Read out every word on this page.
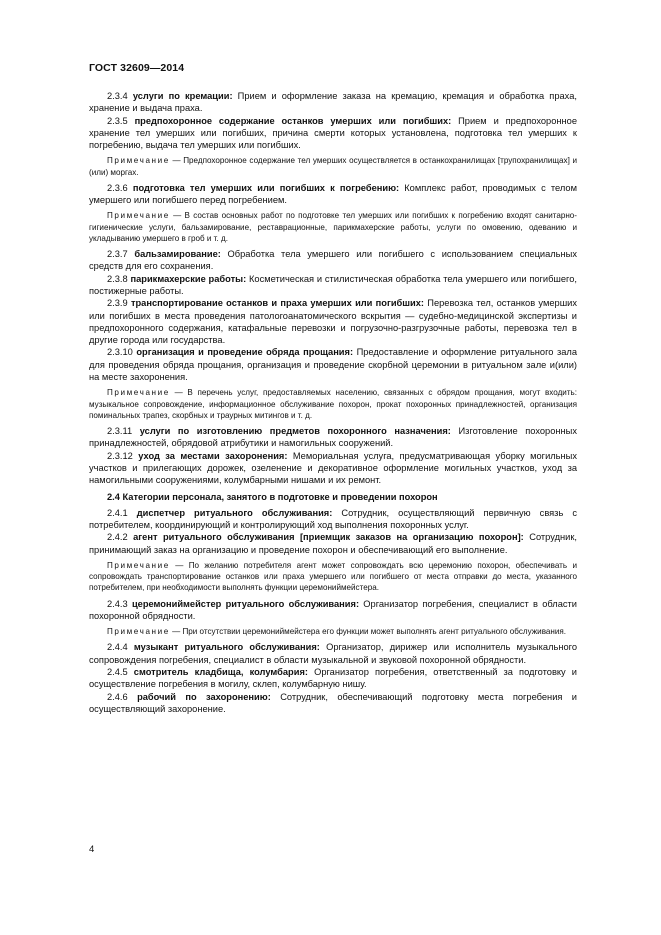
ГОСТ 32609—2014

2.3.4 услуги по кремации: Прием и оформление заказа на кремацию, кремация и обработка праха, хранение и выдача праха.

2.3.5 предпохоронное содержание останков умерших или погибших: Прием и предпохоронное хранение тел умерших или погибших, причина смерти которых установлена, подготовка тел умерших к погребению, выдача тел умерших или погибших.

Примечание — Предпохоронное содержание тел умерших осуществляется в останкохранилищах [трупохранилищах] и (или) моргах.

2.3.6 подготовка тел умерших или погибших к погребению: Комплекс работ, проводимых с телом умершего или погибшего перед погребением.

Примечание — В состав основных работ по подготовке тел умерших или погибших к погребению входят санитарно-гигиенические услуги, бальзамирование, реставрационные, парикмахерские работы, услуги по омовению, одеванию и укладыванию умершего в гроб и т. д.

2.3.7 бальзамирование: Обработка тела умершего или погибшего с использованием специальных средств для его сохранения.

2.3.8 парикмахерские работы: Косметическая и стилистическая обработка тела умершего или погибшего, постижерные работы.

2.3.9 транспортирование останков и праха умерших или погибших: Перевозка тел, останков умерших или погибших в места проведения патологоанатомического вскрытия — судебно-медицинской экспертизы и предпохоронного содержания, катафальные перевозки и погрузочно-разгрузочные работы, перевозка тел в другие города или государства.

2.3.10 организация и проведение обряда прощания: Предоставление и оформление ритуального зала для проведения обряда прощания, организация и проведение скорбной церемонии в ритуальном зале и(или) на месте захоронения.

Примечание — В перечень услуг, предоставляемых населению, связанных с обрядом прощания, могут входить: музыкальное сопровождение, информационное обслуживание похорон, прокат похоронных принадлежностей, организация поминальных трапез, скорбных и траурных митингов и т. д.

2.3.11 услуги по изготовлению предметов похоронного назначения: Изготовление похоронных принадлежностей, обрядовой атрибутики и намогильных сооружений.

2.3.12 уход за местами захоронения: Мемориальная услуга, предусматривающая уборку могильных участков и прилегающих дорожек, озеленение и декоративное оформление могильных участков, уход за намогильными сооружениями, колумбарными нишами и их ремонт.

2.4 Категории персонала, занятого в подготовке и проведении похорон

2.4.1 диспетчер ритуального обслуживания: Сотрудник, осуществляющий первичную связь с потребителем, координирующий и контролирующий ход выполнения похоронных услуг.

2.4.2 агент ритуального обслуживания [приемщик заказов на организацию похорон]: Сотрудник, принимающий заказ на организацию и проведение похорон и обеспечивающий его выполнение.

Примечание — По желанию потребителя агент может сопровождать всю церемонию похорон, обеспечивать и сопровождать транспортирование останков или праха умершего или погибшего от места отправки до места, указанного потребителем, при необходимости выполнять функции церемониймейстера.

2.4.3 церемониймейстер ритуального обслуживания: Организатор погребения, специалист в области похоронной обрядности.

Примечание — При отсутствии церемониймейстера его функции может выполнять агент ритуального обслуживания.

2.4.4 музыкант ритуального обслуживания: Организатор, дирижер или исполнитель музыкального сопровождения погребения, специалист в области музыкальной и звуковой похоронной обрядности.

2.4.5 смотритель кладбища, колумбария: Организатор погребения, ответственный за подготовку и осуществление погребения в могилу, склеп, колумбарную нишу.

2.4.6 рабочий по захоронению: Сотрудник, обеспечивающий подготовку места погребения и осуществляющий захоронение.

4
